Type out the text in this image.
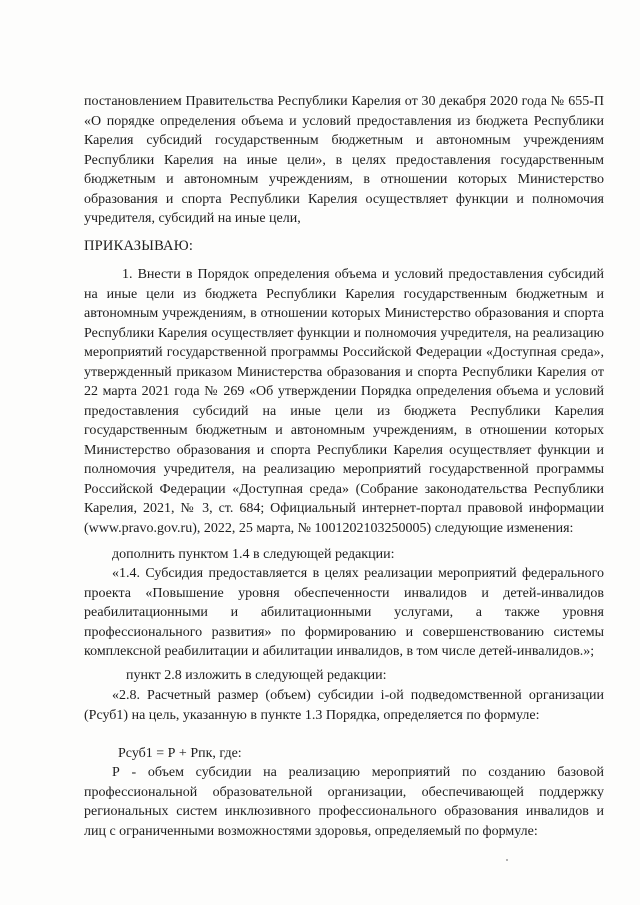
постановлением Правительства Республики Карелия от 30 декабря 2020 года № 655-П «О порядке определения объема и условий предоставления из бюджета Республики Карелия субсидий государственным бюджетным и автономным учреждениям Республики Карелия на иные цели», в целях предоставления государственным бюджетным и автономным учреждениям, в отношении которых Министерство образования и спорта Республики Карелия осуществляет функции и полномочия учредителя, субсидий на иные цели,

ПРИКАЗЫВАЮ:

1. Внести в Порядок определения объема и условий предоставления субсидий на иные цели из бюджета Республики Карелия государственным бюджетным и автономным учреждениям, в отношении которых Министерство образования и спорта Республики Карелия осуществляет функции и полномочия учредителя, на реализацию мероприятий государственной программы Российской Федерации «Доступная среда», утвержденный приказом Министерства образования и спорта Республики Карелия от 22 марта 2021 года № 269 «Об утверждении Порядка определения объема и условий предоставления субсидий на иные цели из бюджета Республики Карелия государственным бюджетным и автономным учреждениям, в отношении которых Министерство образования и спорта Республики Карелия осуществляет функции и полномочия учредителя, на реализацию мероприятий государственной программы Российской Федерации «Доступная среда» (Собрание законодательства Республики Карелия, 2021, № 3, ст. 684; Официальный интернет-портал правовой информации (www.pravo.gov.ru), 2022, 25 марта, № 1001202103250005) следующие изменения:

дополнить пунктом 1.4 в следующей редакции:

«1.4. Субсидия предоставляется в целях реализации мероприятий федерального проекта «Повышение уровня обеспеченности инвалидов и детей-инвалидов реабилитационными и абилитационными услугами, а также уровня профессионального развития» по формированию и совершенствованию системы комплексной реабилитации и абилитации инвалидов, в том числе детей-инвалидов.»;

пункт 2.8 изложить в следующей редакции:

«2.8. Расчетный размер (объем) субсидии i-ой подведомственной организации (Рсуб1) на цель, указанную в пункте 1.3 Порядка, определяется по формуле:

Рсуб1 = Р + Рпк, где:

Р - объем субсидии на реализацию мероприятий по созданию базовой профессиональной образовательной организации, обеспечивающей поддержку региональных систем инклюзивного профессионального образования инвалидов и лиц с ограниченными возможностями здоровья, определяемый по формуле:
